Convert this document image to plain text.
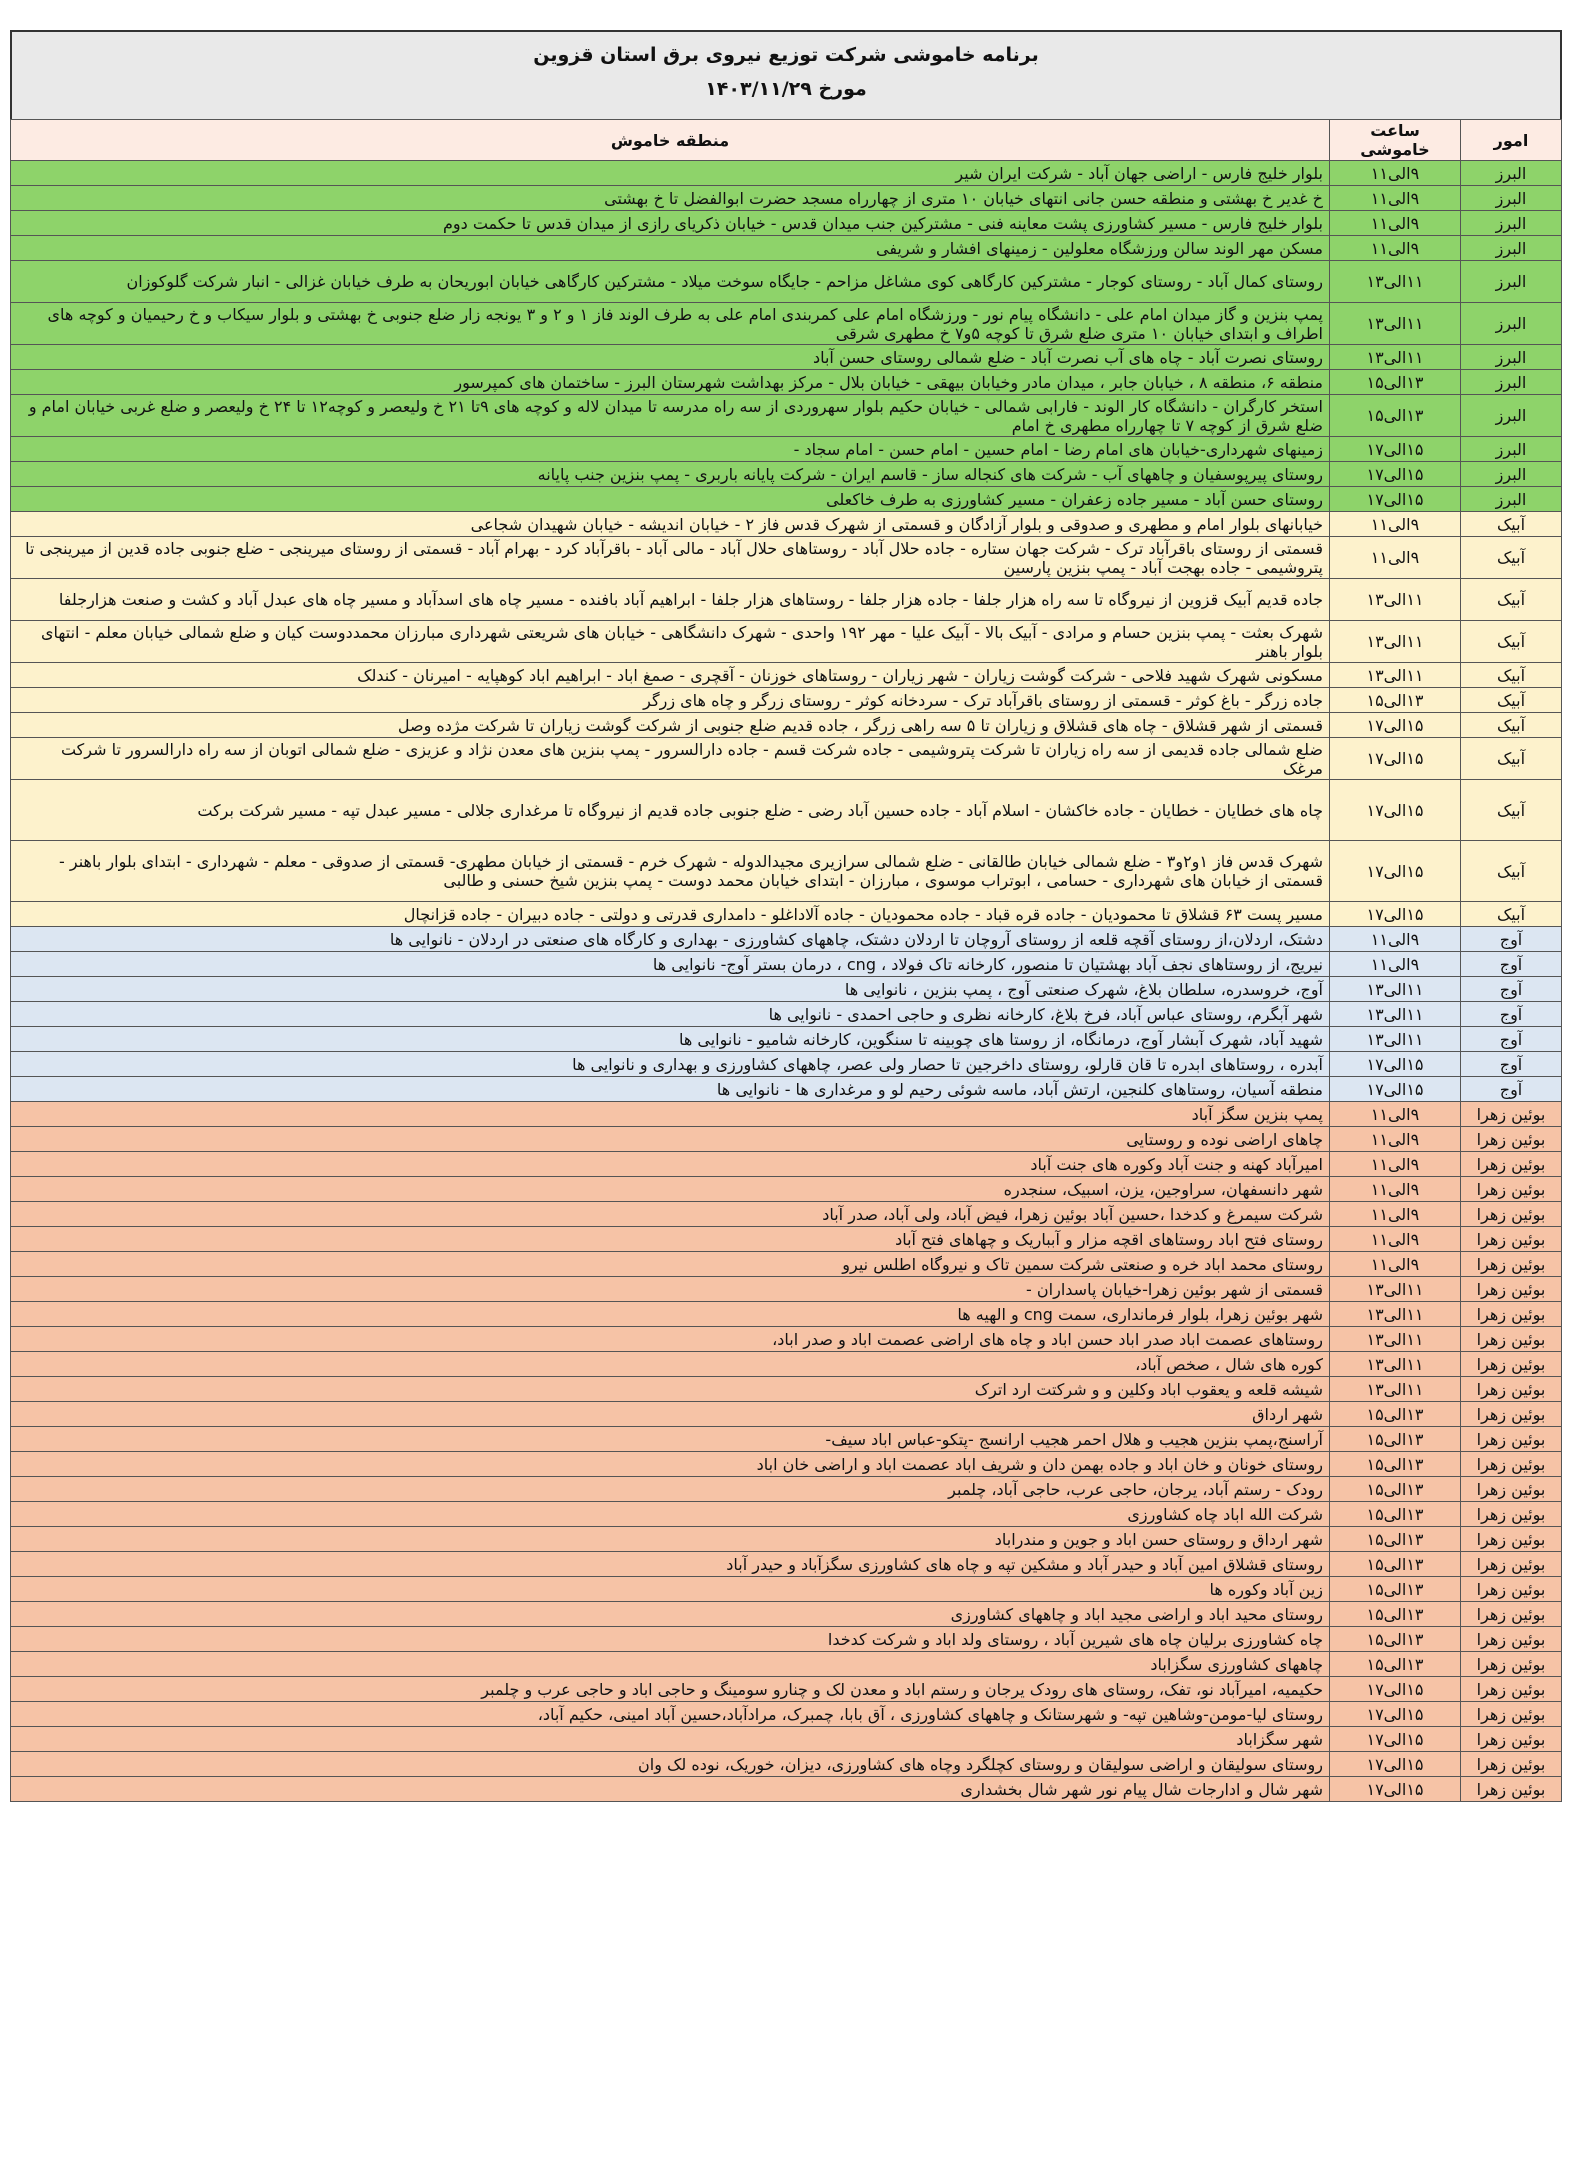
برنامه خاموشی شرکت توزیع نیروی برق استان قزوین
مورخ ۱۴۰۳/۱۱/۲۹
امور	ساعت خاموشی	منطقه خاموش
البرز	۹الی۱۱	بلوار خلیج فارس - اراضی جهان آباد - شرکت ایران شیر
البرز	۹الی۱۱	خ غدیر خ بهشتی و منطقه حسن جانی انتهای خیابان ۱۰ متری از چهارراه مسجد حضرت ابوالفضل تا خ بهشتی
البرز	۹الی۱۱	بلوار خلیج فارس - مسیر کشاورزی پشت معاینه فنی - مشترکین جنب میدان قدس - خیابان ذکریای رازی از میدان قدس تا حکمت دوم
البرز	۹الی۱۱	مسکن مهر الوند سالن ورزشگاه معلولین - زمینهای افشار و شریفی
البرز	۱۱الی۱۳	روستای کمال آباد - روستای کوجار - مشترکین کارگاهی کوی مشاغل مزاحم - جایگاه سوخت میلاد - مشترکین کارگاهی خیابان ابوریحان به طرف خیابان غزالی - انبار شرکت گلوکوزان
البرز	۱۱الی۱۳	پمپ بنزین و گاز میدان امام علی - دانشگاه پیام نور - ورزشگاه امام علی کمربندی امام علی به طرف الوند فاز ۱ و ۲ و ۳ یونجه زار ضلع جنوبی خ بهشتی و بلوار سیکاب و خ رحیمیان و کوچه های اطراف و ابتدای خیابان ۱۰ متری ضلع شرق تا کوچه ۵و۷ خ مطهری شرقی
البرز	۱۱الی۱۳	روستای نصرت آباد - چاه های آب نصرت آباد - ضلع شمالی روستای حسن آباد
البرز	۱۳الی۱۵	منطقه ۶، منطقه ۸ ، خیابان جابر ، میدان مادر وخیابان بیهقی - خیابان بلال - مرکز بهداشت شهرستان البرز - ساختمان های کمپرسور
البرز	۱۳الی۱۵	استخر کارگران - دانشگاه کار الوند - فارابی شمالی - خیابان حکیم بلوار سهروردی از سه راه مدرسه تا میدان لاله و کوچه های ۹تا ۲۱ خ ولیعصر و کوچه۱۲ تا ۲۴ خ ولیعصر و ضلع غربی خیابان امام و ضلع شرق از کوچه ۷ تا چهارراه مطهری خ امام
البرز	۱۵الی۱۷	زمینهای شهرداری-خیابان های امام رضا - امام حسین - امام حسن - امام سجاد -
البرز	۱۵الی۱۷	روستای پیرپوسفیان و چاههای آب - شرکت های کنجاله ساز - قاسم ایران - شرکت پایانه باربری - پمپ بنزین جنب پایانه
البرز	۱۵الی۱۷	روستای حسن آباد - مسیر جاده زعفران - مسیر کشاورزی به طرف خاکعلی
آبیک	۹الی۱۱	خیابانهای بلوار امام و مطهری و صدوقی و بلوار آزادگان و قسمتی از شهرک قدس فاز ۲ - خیابان اندیشه - خیابان شهیدان شجاعی
آبیک	۹الی۱۱	قسمتی از روستای باقرآباد ترک - شرکت جهان ستاره - جاده حلال آباد - روستاهای حلال آباد - مالی آباد - باقرآباد کرد - بهرام آباد - قسمتی از روستای میرینجی - ضلع جنوبی جاده قدین از میرینجی تا پتروشیمی - جاده بهجت آباد - پمپ بنزین پارسین
آبیک	۱۱الی۱۳	جاده قدیم آبیک قزوین از نیروگاه تا سه راه هزار جلفا - جاده هزار جلفا - روستاهای هزار جلفا - ابراهیم آباد بافنده - مسیر چاه های اسدآباد و مسیر چاه های عبدل آباد و کشت و صنعت هزارجلفا
آبیک	۱۱الی۱۳	شهرک بعثت - پمپ بنزین حسام و مرادی - آبیک بالا - آبیک علیا - مهر ۱۹۲ واحدی - شهرک دانشگاهی - خیابان های شریعتی شهرداری مبارزان محمددوست کیان و ضلع شمالی خیابان معلم - انتهای بلوار باهنر
آبیک	۱۱الی۱۳	مسکونی شهرک شهید فلاحی - شرکت گوشت زیاران - شهر زیاران - روستاهای خوزنان - آقچری - صمغ اباد - ابراهیم اباد کوهپایه - امیرنان - کندلک
آبیک	۱۳الی۱۵	جاده زرگر - باغ کوثر - قسمتی از روستای باقرآباد ترک - سردخانه کوثر - روستای زرگر و چاه های زرگر
آبیک	۱۵الی۱۷	قسمتی از شهر قشلاق - چاه های قشلاق و زیاران تا ۵ سه راهی زرگر ، جاده قدیم ضلع جنوبی از شرکت گوشت زیاران تا شرکت مژده وصل
آبیک	۱۵الی۱۷	ضلع شمالی جاده قدیمی از سه راه زیاران تا شرکت پتروشیمی - جاده شرکت قسم - جاده دارالسرور - پمپ بنزین های معدن نژاد و عزیزی - ضلع شمالی اتوبان از سه راه دارالسرور تا شرکت مرغک
آبیک	۱۵الی۱۷	چاه های خطایان - خطایان - جاده خاکشان - اسلام آباد - جاده حسین آباد رضی - ضلع جنوبی جاده قدیم از نیروگاه تا مرغداری جلالی - مسیر عبدل تپه - مسیر شرکت برکت
آبیک	۱۵الی۱۷	شهرک قدس فاز ۱و۲و۳ - ضلع شمالی خیابان طالقانی - ضلع شمالی سرازیری مجیدالدوله - شهرک خرم - قسمتی از خیابان مطهری- قسمتی از صدوقی - معلم - شهرداری - ابتدای بلوار باهنر - قسمتی از خیابان های شهرداری - حسامی ، ابوتراب موسوی ، مبارزان - ابتدای خیابان محمد دوست - پمپ بنزین شیخ حسنی و طالبی
آبیک	۱۵الی۱۷	مسیر پست ۶۳ قشلاق تا محمودیان - جاده قره قباد - جاده محمودیان - جاده آلاداغلو - دامداری قدرتی و دولتی - جاده دبیران - جاده قزانچال
آوج	۹الی۱۱	دشتک، اردلان،از روستای آقچه قلعه از روستای آروچان تا اردلان دشتک، چاههای کشاورزی - بهداری و کارگاه های صنعتی در اردلان - نانوایی ها
آوج	۹الی۱۱	نیریج، از روستاهای نجف آباد بهشتیان تا منصور، کارخانه تاک فولاد ، cng ، درمان بستر آوج- نانوایی ها
آوج	۱۱الی۱۳	آوج، خروسدره، سلطان بلاغ، شهرک صنعتی آوج ، پمپ بنزین ، نانوایی ها
آوج	۱۱الی۱۳	شهر آبگرم، روستای عباس آباد، فرخ بلاغ، کارخانه نظری و حاجی احمدی - نانوایی ها
آوج	۱۱الی۱۳	شهید آباد، شهرک آبشار آوج، درمانگاه، از روستا های چوبینه تا سنگوین، کارخانه شامیو - نانوایی ها
آوج	۱۵الی۱۷	آبدره ، روستاهای ابدره تا قان قارلو، روستای داخرجین تا حصار ولی عصر، چاههای کشاورزی و بهداری و نانوایی ها
آوج	۱۵الی۱۷	منطقه آسیان، روستاهای کلنجین، ارتش آباد، ماسه شوئی رحیم لو و مرغداری ها - نانوایی ها
بوئین زهرا	۹الی۱۱	پمپ بنزین سگز آباد
بوئین زهرا	۹الی۱۱	چاهای اراضی نوده و روستایی
بوئین زهرا	۹الی۱۱	امیرآباد کهنه و جنت آباد وکوره های جنت آباد
بوئین زهرا	۹الی۱۱	شهر دانسفهان، سراوجین، یزن، اسبیک، سنجدره
بوئین زهرا	۹الی۱۱	شرکت سیمرغ و کدخدا ،حسین آباد بوئین زهرا، فیض آباد، ولی آباد، صدر آباد
بوئین زهرا	۹الی۱۱	روستای فتح اباد روستاهای اقچه مزار و آبباریک و چهاهای فتح آباد
بوئین زهرا	۹الی۱۱	روستای محمد اباد خره و صنعتی شرکت سمین تاک و نیروگاه اطلس نیرو
بوئین زهرا	۱۱الی۱۳	قسمتی از شهر بوئین زهرا-خیابان پاسداران -
بوئین زهرا	۱۱الی۱۳	شهر بوئین زهرا، بلوار فرمانداری، سمت cng و الهیه ها
بوئین زهرا	۱۱الی۱۳	روستاهای عصمت اباد صدر اباد حسن اباد و چاه های اراضی عصمت اباد و صدر اباد،
بوئین زهرا	۱۱الی۱۳	کوره های شال ، صخص آباد،
بوئین زهرا	۱۱الی۱۳	شیشه قلعه و یعقوب اباد وکلین و و شرکتت ارد اترک
بوئین زهرا	۱۳الی۱۵	شهر ارداق
بوئین زهرا	۱۳الی۱۵	آراسنج،پمپ بنزین هجیب و هلال احمر هجیب ارانسج -پتکو-عباس اباد سیف-
بوئین زهرا	۱۳الی۱۵	روستای خونان و خان اباد و جاده بهمن دان و شریف اباد عصمت اباد و اراضی خان اباد
بوئین زهرا	۱۳الی۱۵	رودک - رستم آباد، یرجان، حاجی عرب، حاجی آباد، چلمبر
بوئین زهرا	۱۳الی۱۵	شرکت الله اباد چاه کشاورزی
بوئین زهرا	۱۳الی۱۵	شهر ارداق و روستای حسن اباد و جوین و مندراباد
بوئین زهرا	۱۳الی۱۵	روستای قشلاق امین آباد و حیدر آباد و مشکین تپه و چاه های کشاورزی سگزآباد و حیدر آباد
بوئین زهرا	۱۳الی۱۵	زین آباد وکوره ها
بوئین زهرا	۱۳الی۱۵	روستای محید اباد و اراضی مجید اباد و چاههای کشاورزی
بوئین زهرا	۱۳الی۱۵	چاه کشاورزی برلیان چاه های شیرین آباد ، روستای ولد اباد و شرکت کدخدا
بوئین زهرا	۱۳الی۱۵	چاههای کشاورزی سگزاباد
بوئین زهرا	۱۵الی۱۷	حکیمیه، امیرآباد نو، تفک، روستای های رودک یرجان و رستم اباد و معدن لک و چنارو سومینگ و حاجی اباد و حاجی عرب و چلمبر
بوئین زهرا	۱۵الی۱۷	روستای لیا-مومن-وشاهین تپه- و شهرستانک و چاههای کشاورزی ، آق بابا، چمبرک، مرادآباد،حسین آباد امینی، حکیم آباد،
بوئین زهرا	۱۵الی۱۷	شهر سگزاباد
بوئین زهرا	۱۵الی۱۷	روستای سولیقان و اراضی سولیقان و روستای کچلگرد وچاه های کشاورزی، دیزان، خوریک، نوده لک وان
بوئین زهرا	۱۵الی۱۷	شهر شال و ادارجات شال پیام نور شهر شال بخشداری
